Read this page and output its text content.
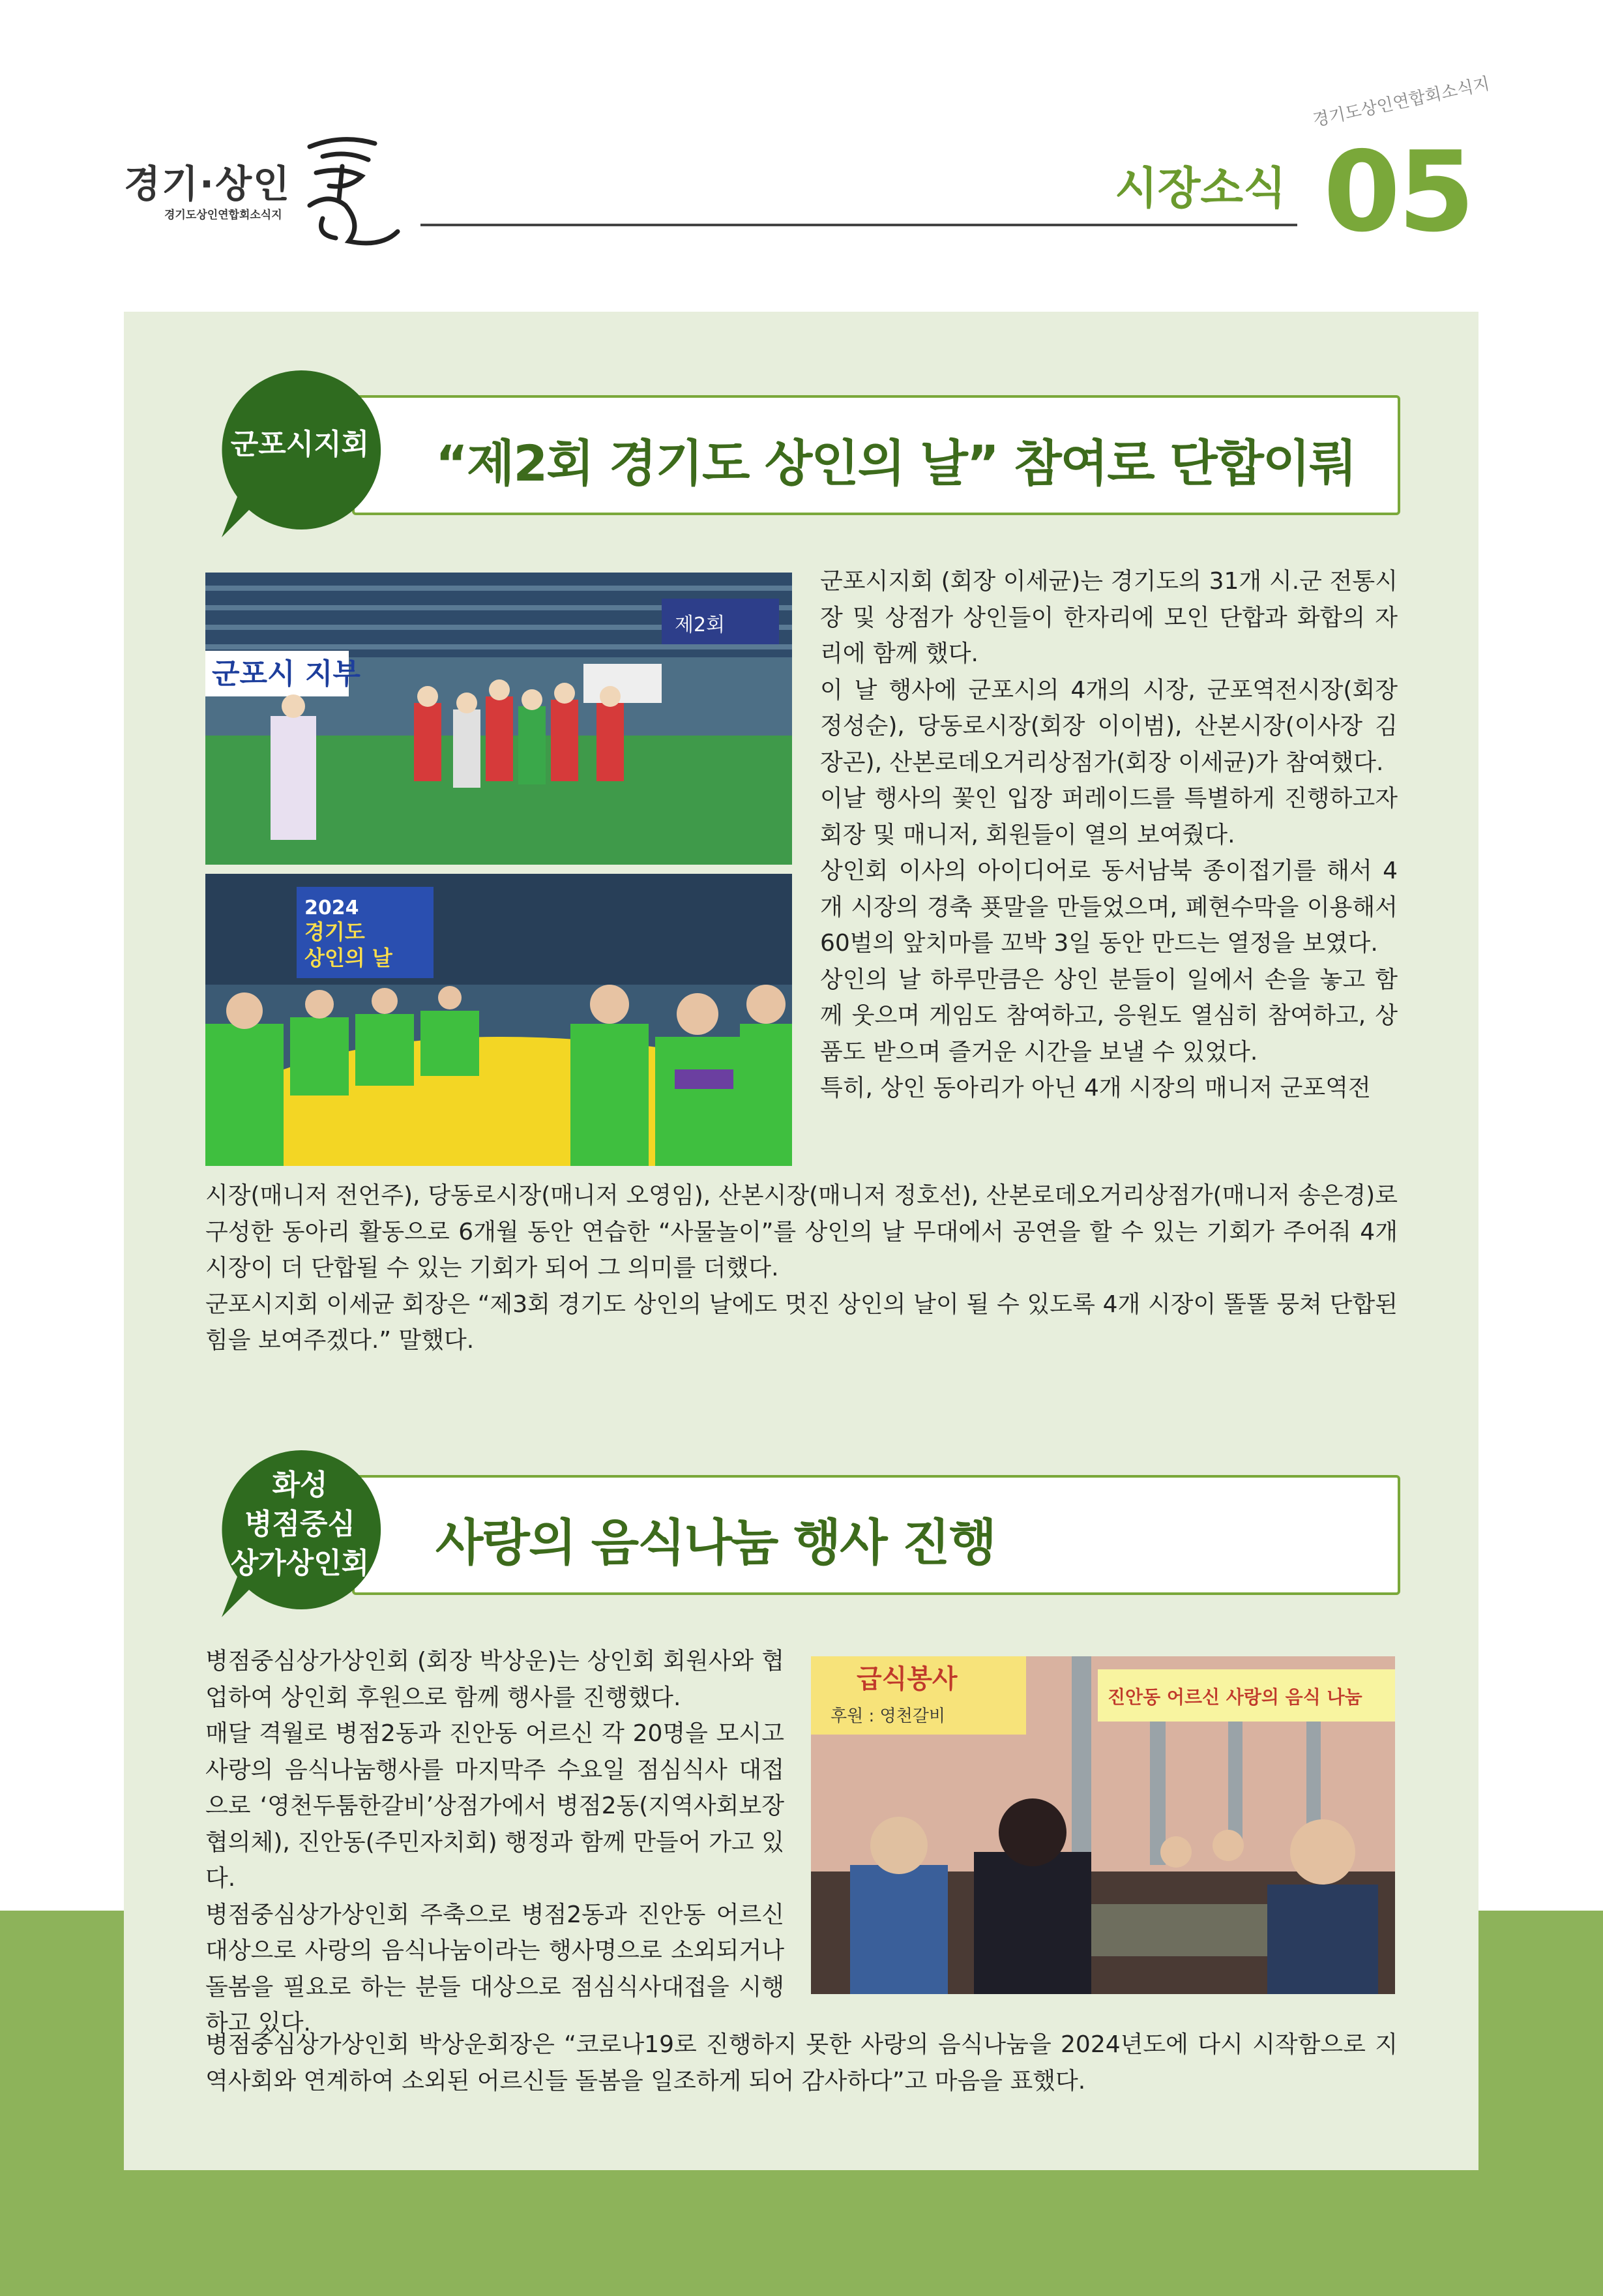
경기·상인
경기도상인연합회소식지
愛
경기도상인연합회소식지
시장소식 05
군포시지회 “제2회 경기도 상인의 날” 참여로 단합이뤄
군포시 지부
제2회
2024
경기도
상인의 날

군포시지회 (회장 이세균)는 경기도의 31개 시.군 전통시장 및 상점가 상인들이 한자리에 모인 단합과 화합의 자리에 함께 했다.

이 날 행사에 군포시의 4개의 시장, 군포역전시장(회장 정성순), 당동로시장(회장 이이범), 산본시장(이사장 김장곤), 산본로데오거리상점가(회장 이세균)가 참여했다.

이날 행사의 꽃인 입장 퍼레이드를 특별하게 진행하고자 회장 및 매니저, 회원들이 열의 보여줬다.

상인회 이사의 아이디어로 동서남북 종이접기를 해서 4개 시장의 경축 푯말을 만들었으며, 폐현수막을 이용해서 60벌의 앞치마를 꼬박 3일 동안 만드는 열정을 보였다.

상인의 날 하루만큼은 상인 분들이 일에서 손을 놓고 함께 웃으며 게임도 참여하고, 응원도 열심히 참여하고, 상품도 받으며 즐거운 시간을 보낼 수 있었다.

특히, 상인 동아리가 아닌 4개 시장의 매니저 군포역전

시장(매니저 전언주), 당동로시장(매니저 오영임), 산본시장(매니저 정호선), 산본로데오거리상점가(매니저 송은경)로 구성한 동아리 활동으로 6개월 동안 연습한 “사물놀이”를 상인의 날 무대에서 공연을 할 수 있는 기회가 주어줘 4개 시장이 더 단합될 수 있는 기회가 되어 그 의미를 더했다.

군포시지회 이세균 회장은 “제3회 경기도 상인의 날에도 멋진 상인의 날이 될 수 있도록 4개 시장이 똘똘 뭉쳐 단합된 힘을 보여주겠다.” 말했다.

화성
병점중심
상가상인회 사랑의 음식나눔 행사 진행

병점중심상가상인회 (회장 박상운)는 상인회 회원사와 협업하여 상인회 후원으로 함께 행사를 진행했다.

매달 격월로 병점2동과 진안동 어르신 각 20명을 모시고 사랑의 음식나눔행사를 마지막주 수요일 점심식사 대접으로 ‘영천두툼한갈비’상점가에서 병점2동(지역사회보장협의체), 진안동(주민자치회) 행정과 함께 만들어 가고 있다.

병점중심상가상인회 주축으로 병점2동과 진안동 어르신대상으로 사랑의 음식나눔이라는 행사명으로 소외되거나 돌봄을 필요로 하는 분들 대상으로 점심식사대접을 시행하고 있다.

급식봉사
후원 : 영천갈비
진안동 어르신 사랑의 음식 나눔

병점중심상가상인회 박상운회장은 “코로나19로 진행하지 못한 사랑의 음식나눔을 2024년도에 다시 시작함으로 지역사회와 연계하여 소외된 어르신들 돌봄을 일조하게 되어 감사하다”고 마음을 표했다.
